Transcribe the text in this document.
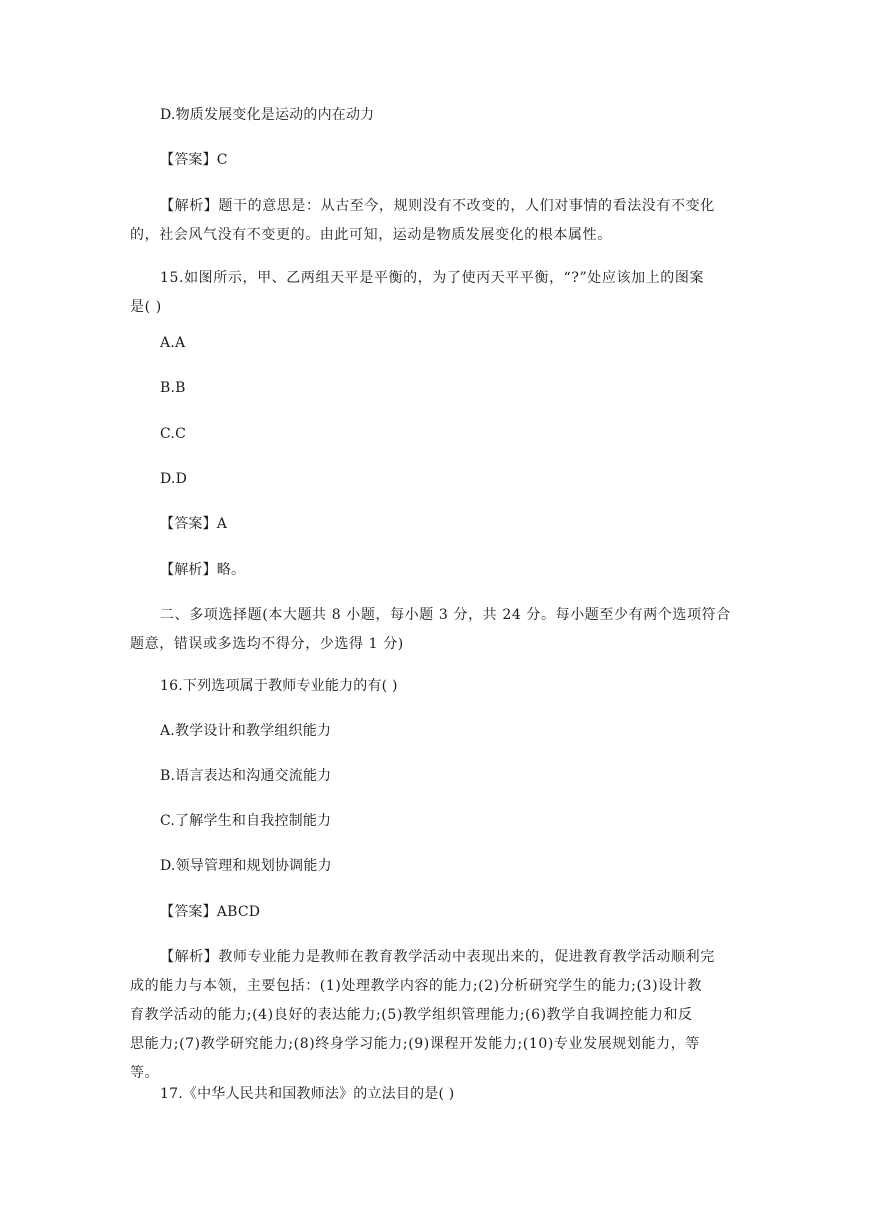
D.物质发展变化是运动的内在动力
【答案】C
【解析】题干的意思是：从古至今，规则没有不改变的，人们对事情的看法没有不变化
的，社会风气没有不变更的。由此可知，运动是物质发展变化的根本属性。
15.如图所示，甲、乙两组天平是平衡的，为了使丙天平平衡，“?”处应该加上的图案
是( )
A.A
B.B
C.C
D.D
【答案】A
【解析】略。
二、多项选择题(本大题共 8 小题，每小题 3 分，共 24 分。每小题至少有两个选项符合
题意，错误或多选均不得分，少选得 1 分)
16.下列选项属于教师专业能力的有( )
A.教学设计和教学组织能力
B.语言表达和沟通交流能力
C.了解学生和自我控制能力
D.领导管理和规划协调能力
【答案】ABCD
【解析】教师专业能力是教师在教育教学活动中表现出来的，促进教育教学活动顺利完
成的能力与本领，主要包括：(1)处理教学内容的能力;(2)分析研究学生的能力;(3)设计教
育教学活动的能力;(4)良好的表达能力;(5)教学组织管理能力;(6)教学自我调控能力和反
思能力;(7)教学研究能力;(8)终身学习能力;(9)课程开发能力;(10)专业发展规划能力，等
等。
17.《中华人民共和国教师法》的立法目的是( )
